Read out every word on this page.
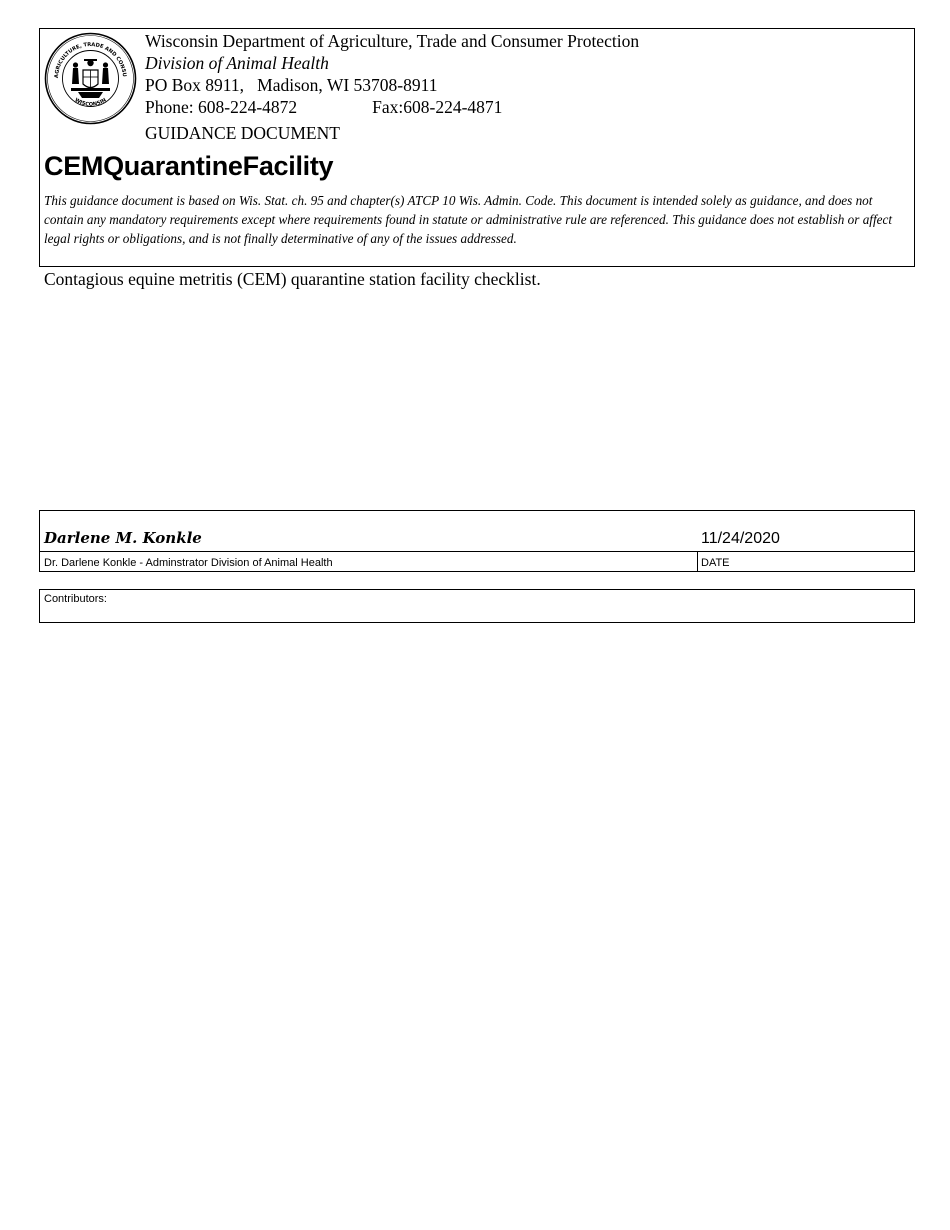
AGRICULTURE, TRADE AND CONSU
WISCONSIN
Wisconsin Department of Agriculture, Trade and Consumer Protection
Division of Animal Health
PO Box 8911,   Madison, WI 53708-8911
Phone: 608-224-4872	Fax:608-224-4871
GUIDANCE DOCUMENT
CEMQuarantineFacility
This guidance document is based on Wis. Stat. ch. 95 and chapter(s) ATCP 10 Wis. Admin. Code. This document is intended solely as guidance, and does not contain any mandatory requirements except where requirements found in statute or administrative rule are referenced. This guidance does not establish or affect legal rights or obligations, and is not finally determinative of any of the issues addressed.
Contagious equine metritis (CEM) quarantine station facility checklist.
Darlene M. Konkle	11/24/2020
Dr. Darlene Konkle - Adminstrator Division of Animal Health	DATE
Contributors:
